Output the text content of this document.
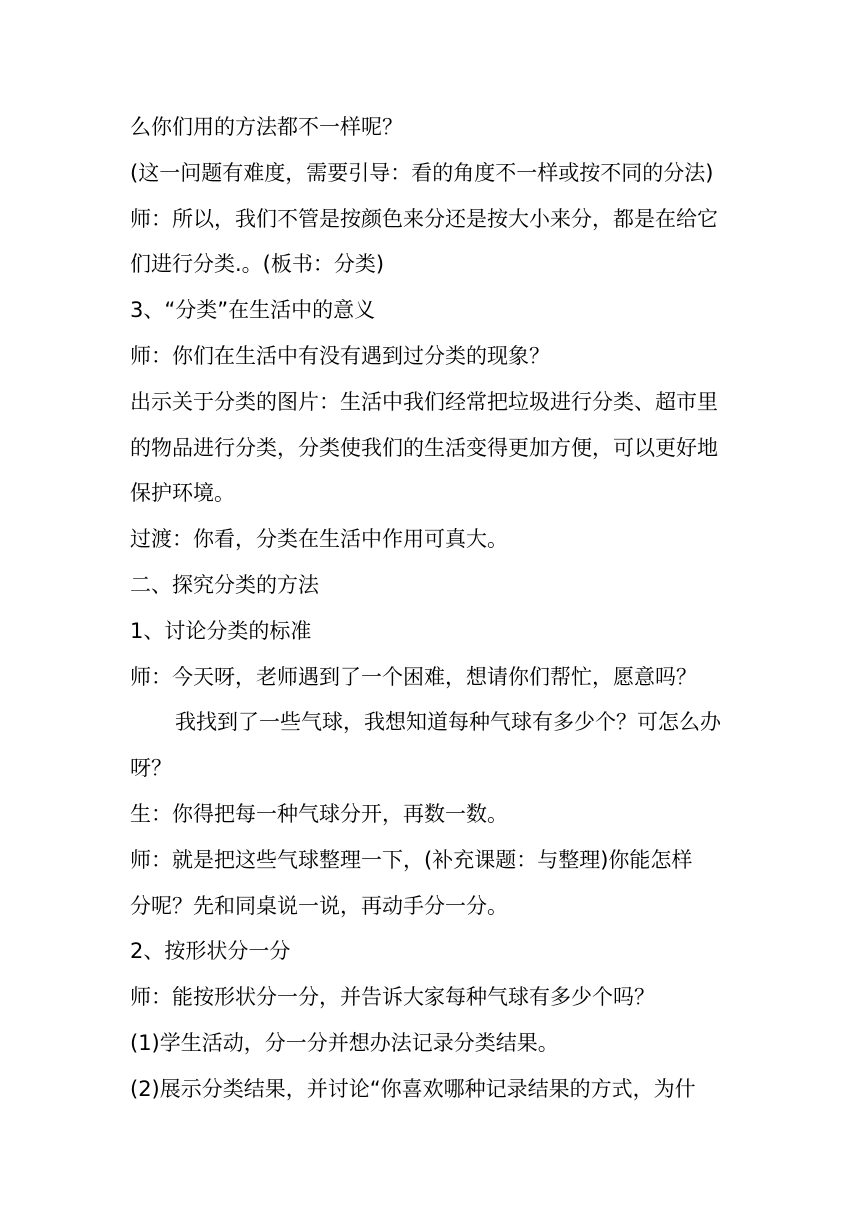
么你们用的方法都不一样呢？
(这一问题有难度，需要引导：看的角度不一样或按不同的分法)
师：所以，我们不管是按颜色来分还是按大小来分，都是在给它
们进行分类.。(板书：分类)
3、“分类”在生活中的意义
师：你们在生活中有没有遇到过分类的现象？
出示关于分类的图片：生活中我们经常把垃圾进行分类、超市里
的物品进行分类，分类使我们的生活变得更加方便，可以更好地
保护环境。
过渡：你看，分类在生活中作用可真大。
二、探究分类的方法
1、讨论分类的标准
师：今天呀，老师遇到了一个困难，想请你们帮忙，愿意吗？
我找到了一些气球，我想知道每种气球有多少个？可怎么办
呀？
生：你得把每一种气球分开，再数一数。
师：就是把这些气球整理一下，(补充课题：与整理)你能怎样
分呢？先和同桌说一说，再动手分一分。
2、按形状分一分
师：能按形状分一分，并告诉大家每种气球有多少个吗？
(1)学生活动，分一分并想办法记录分类结果。
(2)展示分类结果，并讨论“你喜欢哪种记录结果的方式，为什
